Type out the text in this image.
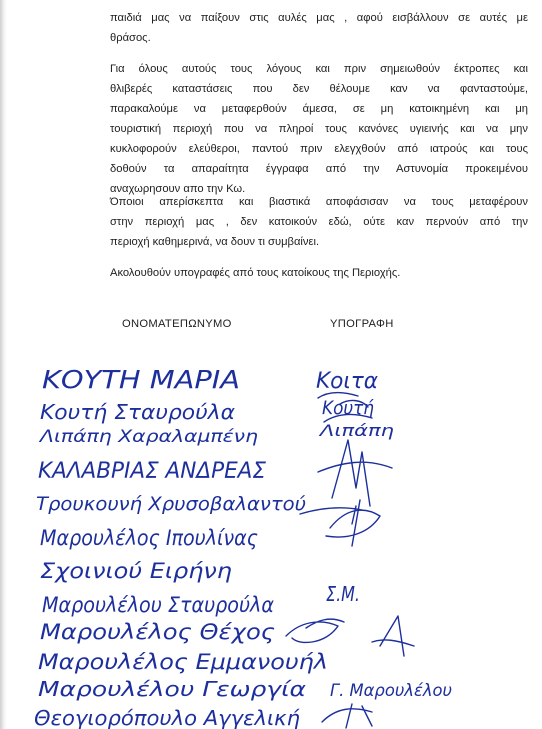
παιδιά μας να παίξουν στις αυλές μας , αφού εισβάλλουν σε αυτές με
θράσος.
Για όλους αυτούς τους λόγους και πριν σημειωθούν έκτροπες και
θλιβερές καταστάσεις που δεν θέλουμε καν να φανταστούμε,
παρακαλούμε να μεταφερθούν άμεσα, σε μη κατοικημένη και μη
τουριστική περιοχή που να πληροί τους κανόνες υγιεινής και να μην
κυκλοφορούν ελεύθεροι, παντού πριν ελεγχθούν από ιατρούς και τους
δοθούν τα απαραίτητα έγγραφα από την Αστυνομία προκειμένου
αναχωρησουν απο την Κω.
Όποιοι απερίσκεπτα και βιαστικά αποφάσισαν να τους μεταφέρουν
στην περιοχή μας , δεν κατοικούν εδώ, ούτε καν περνούν από την
περιοχή καθημερινά, να δουν τι συμβαίνει.
Ακολουθούν υπογραφές από τους κατοίκους της Περιοχής.

ΟΝΟΜΑΤΕΠΩΝΥΜΟ	ΥΠΟΓΡΑΦΗ

ΚΟΥΤΗ ΜΑΡΙΑ
Κουτή Σταυρούλα
Λιπάπη Χαραλαμπένη
ΚΑΛΑΒΡΙΑΣ ΑΝΔΡΕΑΣ
Τρουκουνή Χρυσοβαλαντού
Μαρουλέλος Ιπουλίνας
Σχοινιού Ειρήνη
Μαρουλέλου Σταυρούλα
Μαρουλέλος Θέχος
Μαρουλέλος Εμμανουήλ
Μαρουλέλου Γεωργία
Θεογιορόπουλο Αγγελική
Κοιτα
Κουτή
Λιπάπη
Σ.Μ.
Γ. Μαρουλέλου
